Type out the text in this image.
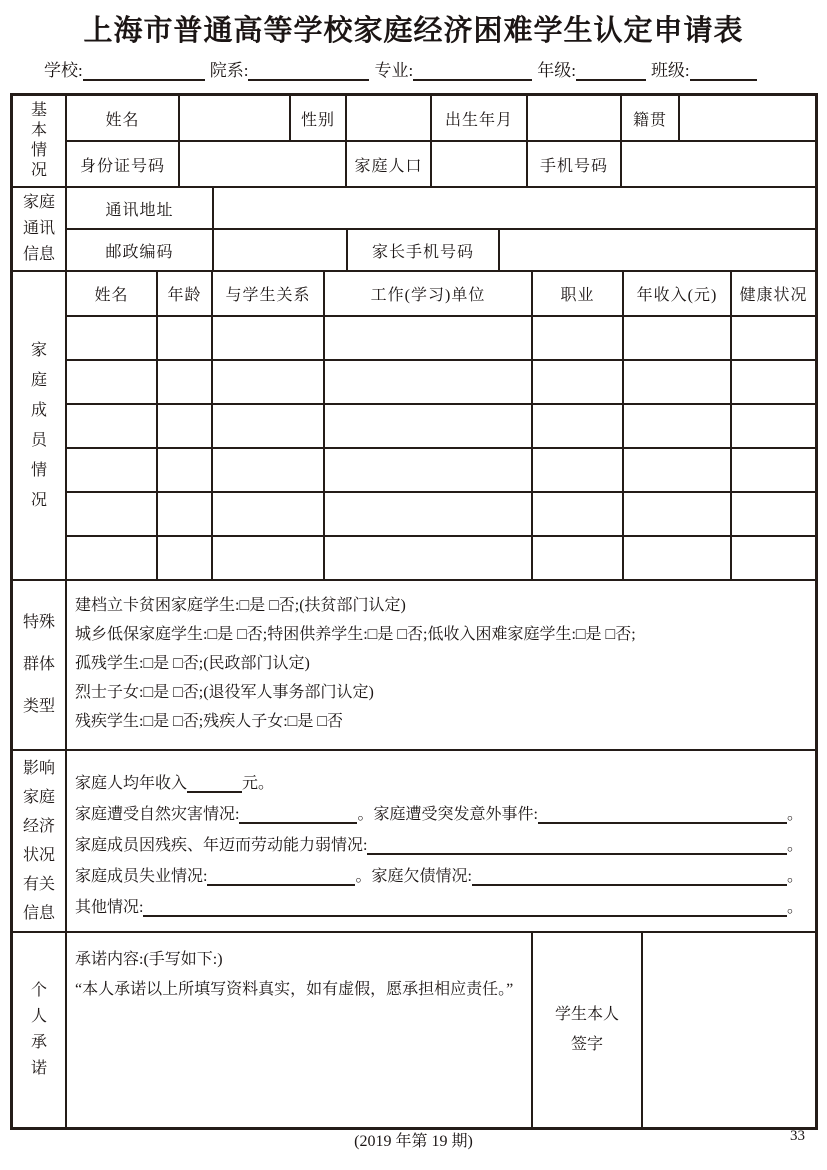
上海市普通高等学校家庭经济困难学生认定申请表
学校:	院系:	专业:	年级:	班级:
基本情况
姓名	性别	出生年月	籍贯
身份证号码	家庭人口	手机号码
家庭通讯信息
通讯地址
邮政编码	家长手机号码
家庭成员情况
姓名	年龄	与学生关系	工作(学习)单位	职业	年收入(元)	健康状况
特殊群体类型
建档立卡贫困家庭学生:□是 □否;(扶贫部门认定)
城乡低保家庭学生:□是 □否;特困供养学生:□是 □否;低收入困难家庭学生:□是 □否;
孤残学生:□是 □否;(民政部门认定)
烈士子女:□是 □否;(退役军人事务部门认定)
残疾学生:□是 □否;残疾人子女:□是 □否
影响家庭经济状况有关信息
家庭人均年收入	元。
家庭遭受自然灾害情况:	。家庭遭受突发意外事件:	。
家庭成员因残疾、年迈而劳动能力弱情况:	。
家庭成员失业情况:	。家庭欠债情况:	。
其他情况:	。
个人承诺
承诺内容:(手写如下:)
“本人承诺以上所填写资料真实，如有虚假，愿承担相应责任。”
学生本人签字
(2019 年第 19 期)	33
